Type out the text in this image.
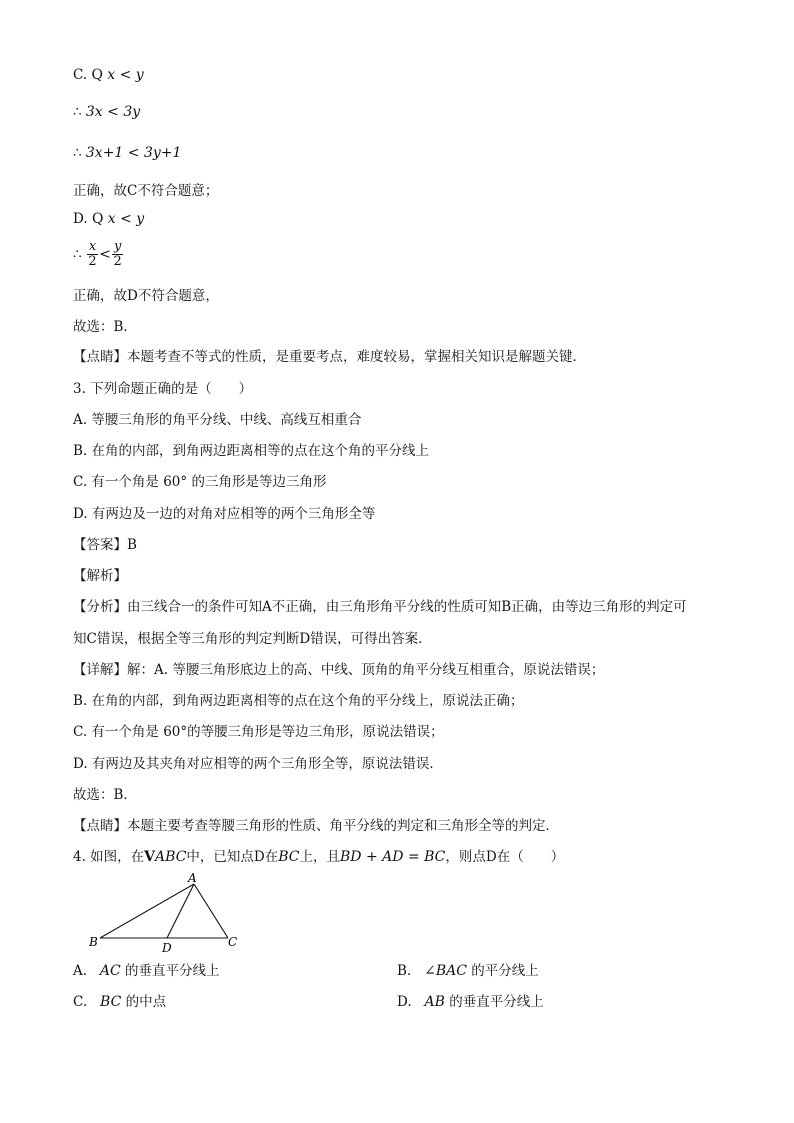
C. Q x < y
∴ 3x < 3y
∴ 3x+1 < 3y+1
正确，故C不符合题意；
D. Q x < y
∴ $\frac{x}{2} < \frac{y}{2}$
正确，故D不符合题意，
故选：B．
【点睛】本题考查不等式的性质，是重要考点，难度较易，掌握相关知识是解题关键．
3. 下列命题正确的是（　　）
A. 等腰三角形的角平分线、中线、高线互相重合
B. 在角的内部，到角两边距离相等的点在这个角的平分线上
C. 有一个角是 60° 的三角形是等边三角形
D. 有两边及一边的对角对应相等的两个三角形全等
【答案】B
【解析】
【分析】由三线合一的条件可知A不正确，由三角形角平分线的性质可知B正确，由等边三角形的判定可
知C错误，根据全等三角形的判定判断D错误，可得出答案．
【详解】解：A. 等腰三角形底边上的高、中线、顶角的角平分线互相重合，原说法错误；
B. 在角的内部，到角两边距离相等的点在这个角的平分线上，原说法正确；
C. 有一个角是 60°的等腰三角形是等边三角形，原说法错误；
D. 有两边及其夹角对应相等的两个三角形全等，原说法错误．
故选：B．
【点睛】本题主要考查等腰三角形的性质、角平分线的判定和三角形全等的判定．
4. 如图，在VABC中，已知点D在BC上，且BD + AD = BC，则点D在（　　）
A
B	C
D
A. AC 的垂直平分线上	B. ∠BAC 的平分线上
C. BC 的中点	D. AB 的垂直平分线上
